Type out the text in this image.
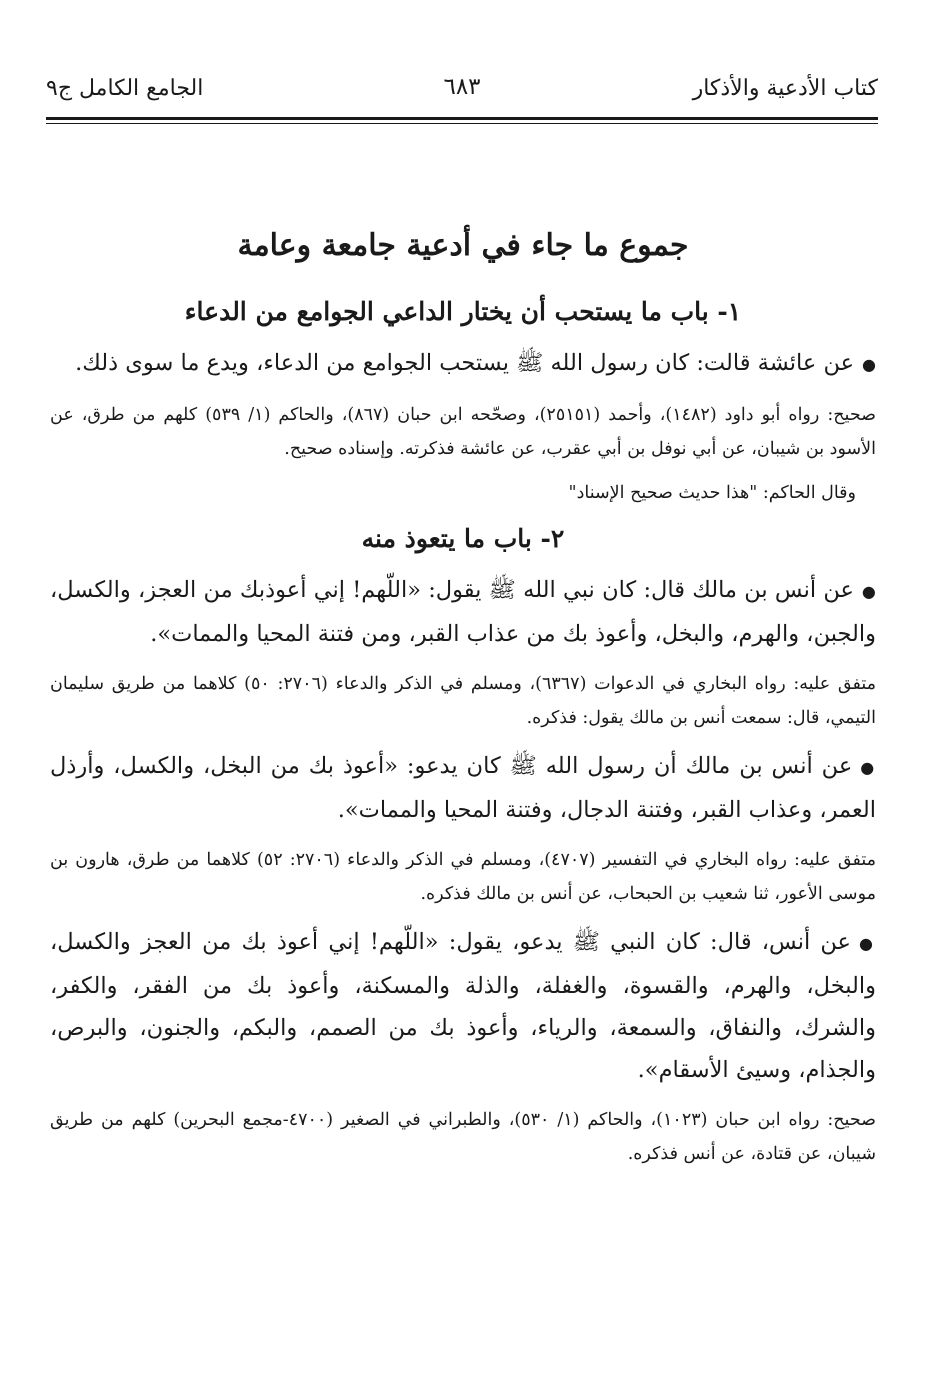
كتاب الأدعية والأذكار
٦٨٣
الجامع الكامل ج٩
جموع ما جاء في أدعية جامعة وعامة
١- باب ما يستحب أن يختار الداعي الجوامع من الدعاء

●عن عائشة قالت: كان رسول الله ﷺ يستحب الجوامع من الدعاء، ويدع ما سوى ذلك.

صحيح: رواه أبو داود (١٤٨٢)، وأحمد (٢٥١٥١)، وصحّحه ابن حبان (٨٦٧)، والحاكم (١/ ٥٣٩) كلهم من طرق، عن الأسود بن شيبان، عن أبي نوفل بن أبي عقرب، عن عائشة فذكرته. وإسناده صحيح.

وقال الحاكم: "هذا حديث صحيح الإسناد"

٢- باب ما يتعوذ منه

●عن أنس بن مالك قال: كان نبي الله ﷺ يقول: «اللّهم! إني أعوذبك من العجز، والكسل، والجبن، والهرم، والبخل، وأعوذ بك من عذاب القبر، ومن فتنة المحيا والممات».

متفق عليه: رواه البخاري في الدعوات (٦٣٦٧)، ومسلم في الذكر والدعاء (٢٧٠٦: ٥٠) كلاهما من طريق سليمان التيمي، قال: سمعت أنس بن مالك يقول: فذكره.

●عن أنس بن مالك أن رسول الله ﷺ كان يدعو: «أعوذ بك من البخل، والكسل، وأرذل العمر، وعذاب القبر، وفتنة الدجال، وفتنة المحيا والممات».

متفق عليه: رواه البخاري في التفسير (٤٧٠٧)، ومسلم في الذكر والدعاء (٢٧٠٦: ٥٢) كلاهما من طرق، هارون بن موسى الأعور، ثنا شعيب بن الحبحاب، عن أنس بن مالك فذكره.

●عن أنس، قال: كان النبي ﷺ يدعو، يقول: «اللّهم! إني أعوذ بك من العجز والكسل، والبخل، والهرم، والقسوة، والغفلة، والذلة والمسكنة، وأعوذ بك من الفقر، والكفر، والشرك، والنفاق، والسمعة، والرياء، وأعوذ بك من الصمم، والبكم، والجنون، والبرص، والجذام، وسيئ الأسقام».

صحيح: رواه ابن حبان (١٠٢٣)، والحاكم (١/ ٥٣٠)، والطبراني في الصغير (٤٧٠٠-مجمع البحرين) كلهم من طريق شيبان، عن قتادة، عن أنس فذكره.
